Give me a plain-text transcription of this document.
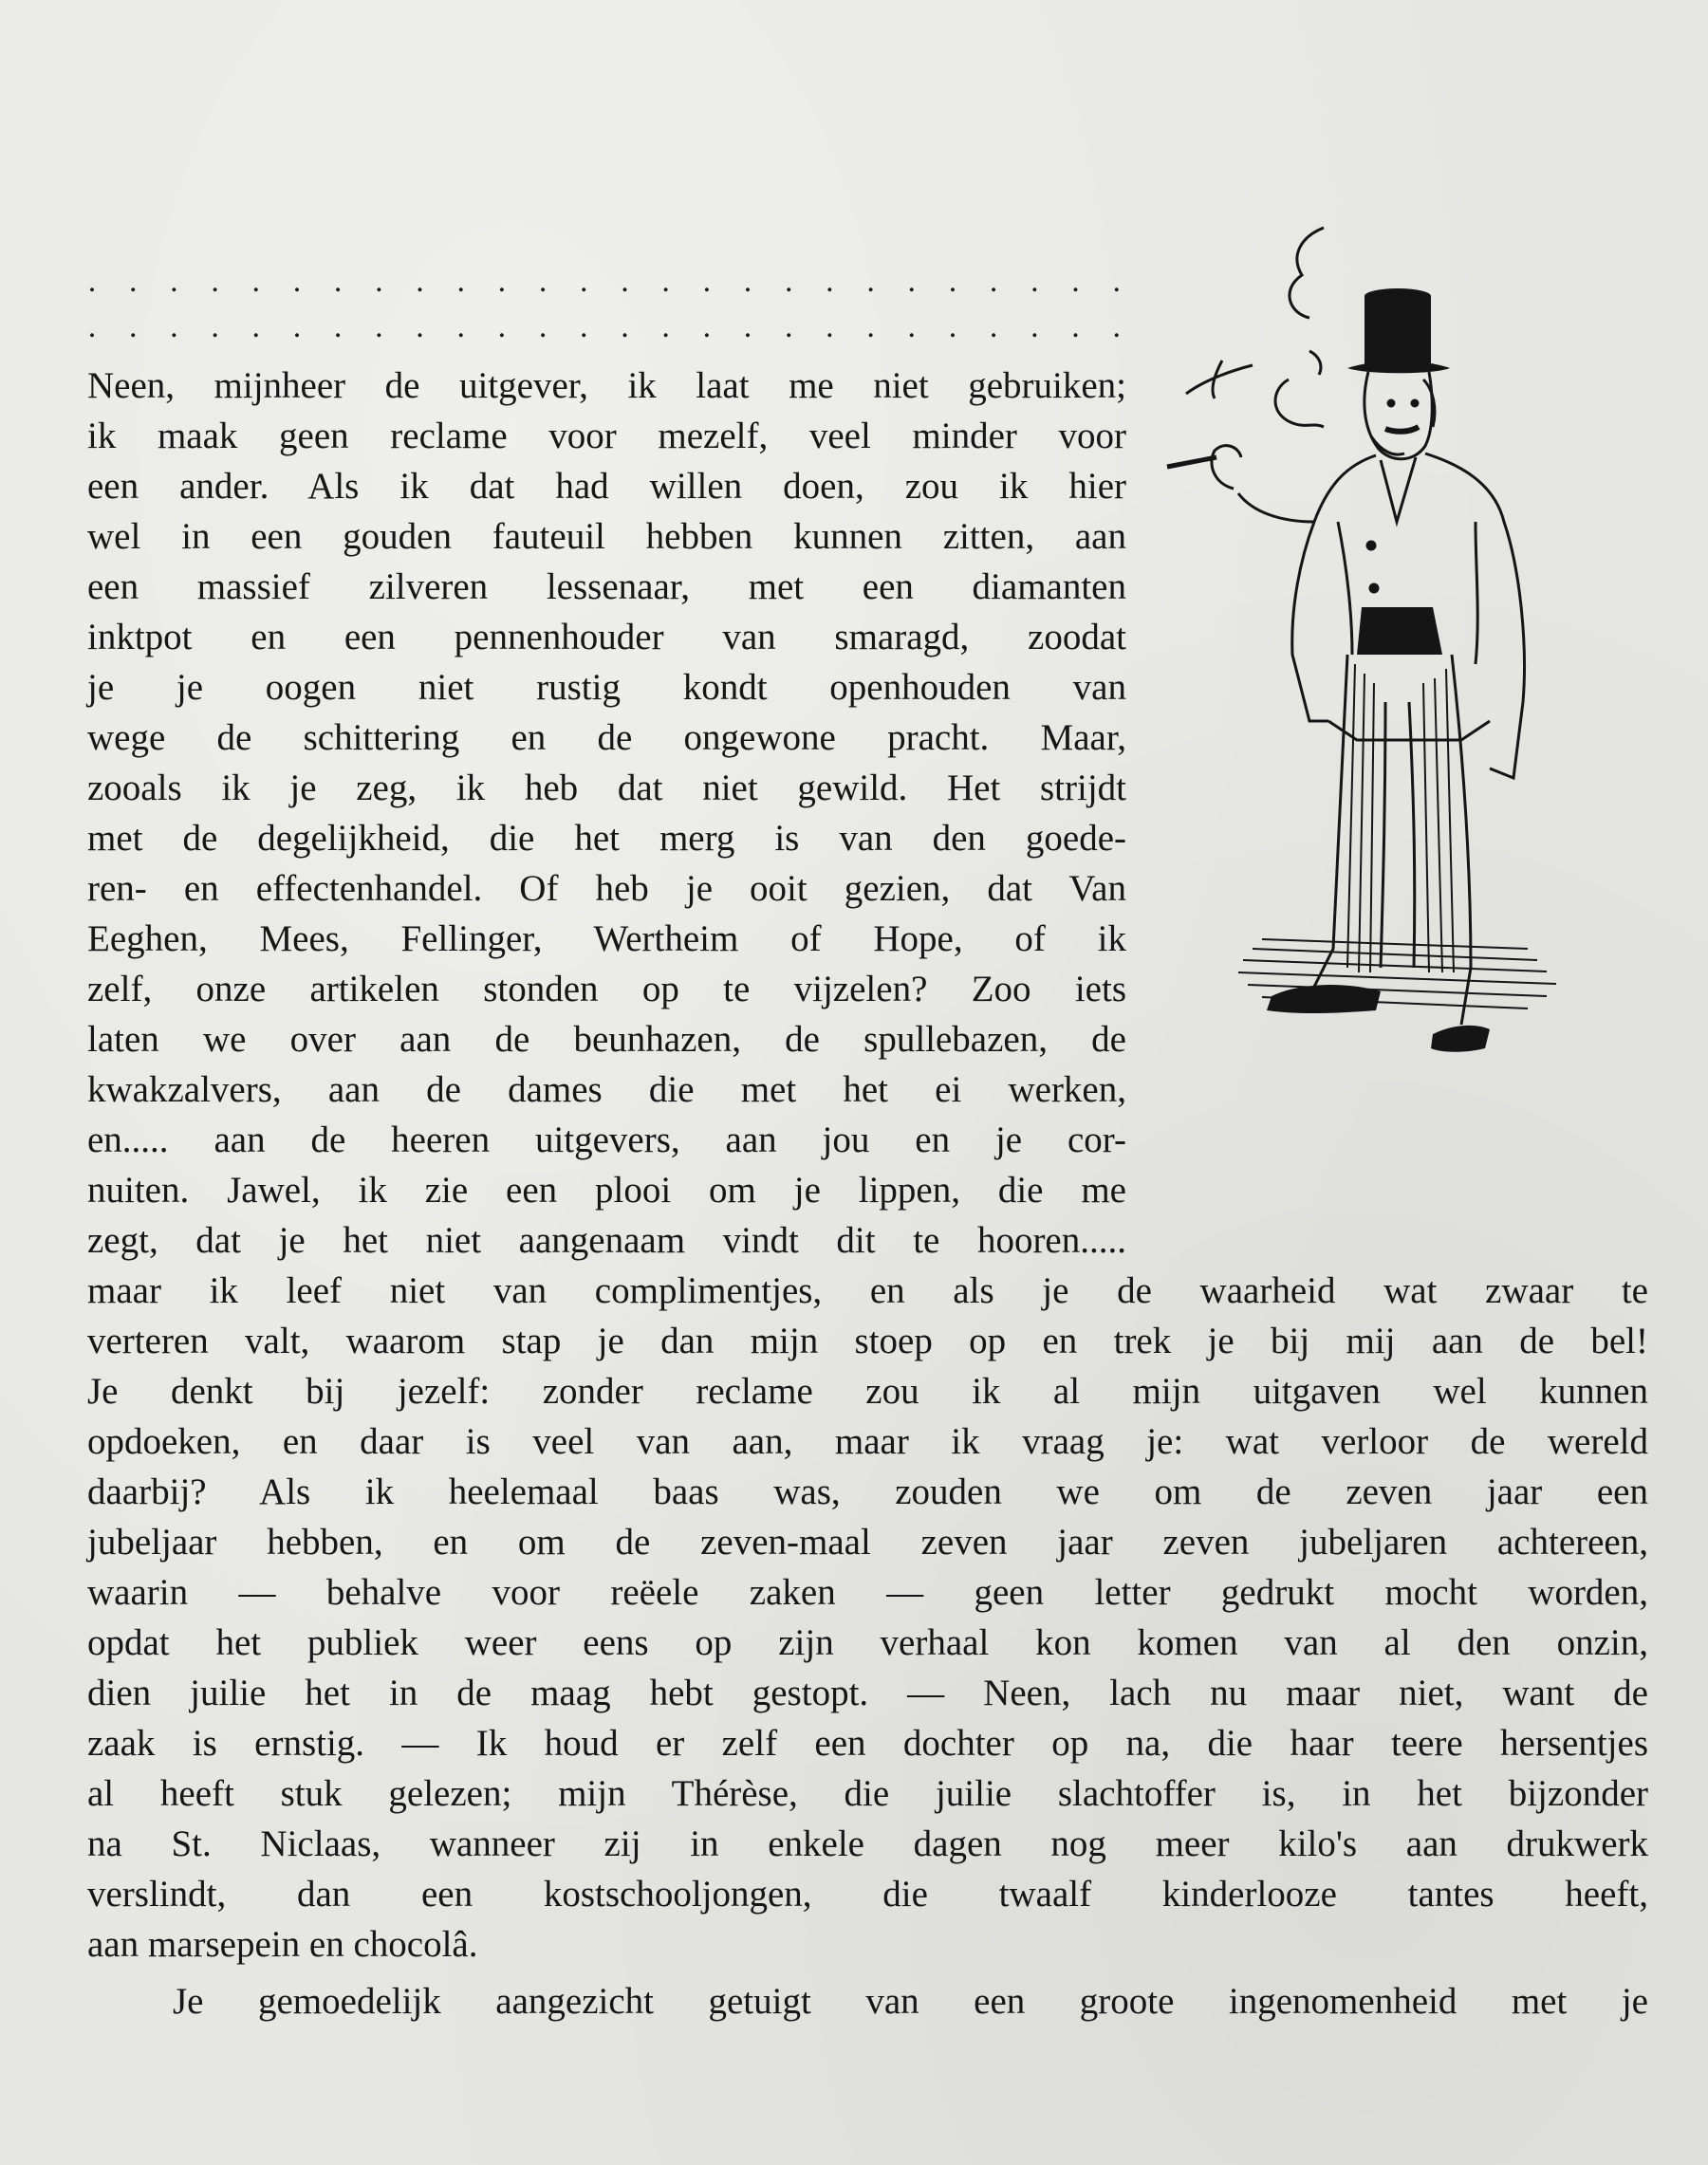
. . . . . . . . . . . . . . . . . . . . . . . . . .
. . . . . . . . . . . . . . . . . . . . . . . . . .
Neen, mijnheer de uitgever, ik laat me niet gebruiken;
ik maak geen reclame voor mezelf, veel minder voor
een ander. Als ik dat had willen doen, zou ik hier
wel in een gouden fauteuil hebben kunnen zitten, aan
een massief zilveren lessenaar, met een diamanten
inktpot en een pennenhouder van smaragd, zoodat
je je oogen niet rustig kondt openhouden van
wege de schittering en de ongewone pracht. Maar,
zooals ik je zeg, ik heb dat niet gewild. Het strijdt
met de degelijkheid, die het merg is van den goede-
ren- en effectenhandel. Of heb je ooit gezien, dat Van
Eeghen, Mees, Fellinger, Wertheim of Hope, of ik
zelf, onze artikelen stonden op te vijzelen? Zoo iets
laten we over aan de beunhazen, de spullebazen, de
kwakzalvers, aan de dames die met het ei werken,
en..... aan de heeren uitgevers, aan jou en je cor-
nuiten. Jawel, ik zie een plooi om je lippen, die me
zegt, dat je het niet aangenaam vindt dit te hooren.....
maar ik leef niet van complimentjes, en als je de waarheid wat zwaar te
verteren valt, waarom stap je dan mijn stoep op en trek je bij mij aan de bel!
Je denkt bij jezelf: zonder reclame zou ik al mijn uitgaven wel kunnen
opdoeken, en daar is veel van aan, maar ik vraag je: wat verloor de wereld
daarbij? Als ik heelemaal baas was, zouden we om de zeven jaar een
jubeljaar hebben, en om de zeven-maal zeven jaar zeven jubeljaren achtereen,
waarin — behalve voor reëele zaken — geen letter gedrukt mocht worden,
opdat het publiek weer eens op zijn verhaal kon komen van al den onzin,
dien juilie het in de maag hebt gestopt. — Neen, lach nu maar niet, want de
zaak is ernstig. — Ik houd er zelf een dochter op na, die haar teere hersentjes
al heeft stuk gelezen; mijn Thérèse, die juilie slachtoffer is, in het bijzonder
na St. Niclaas, wanneer zij in enkele dagen nog meer kilo's aan drukwerk
verslindt, dan een kostschooljongen, die twaalf kinderlooze tantes heeft,
aan marsepein en chocolâ.
Je gemoedelijk aangezicht getuigt van een groote ingenomenheid met je
